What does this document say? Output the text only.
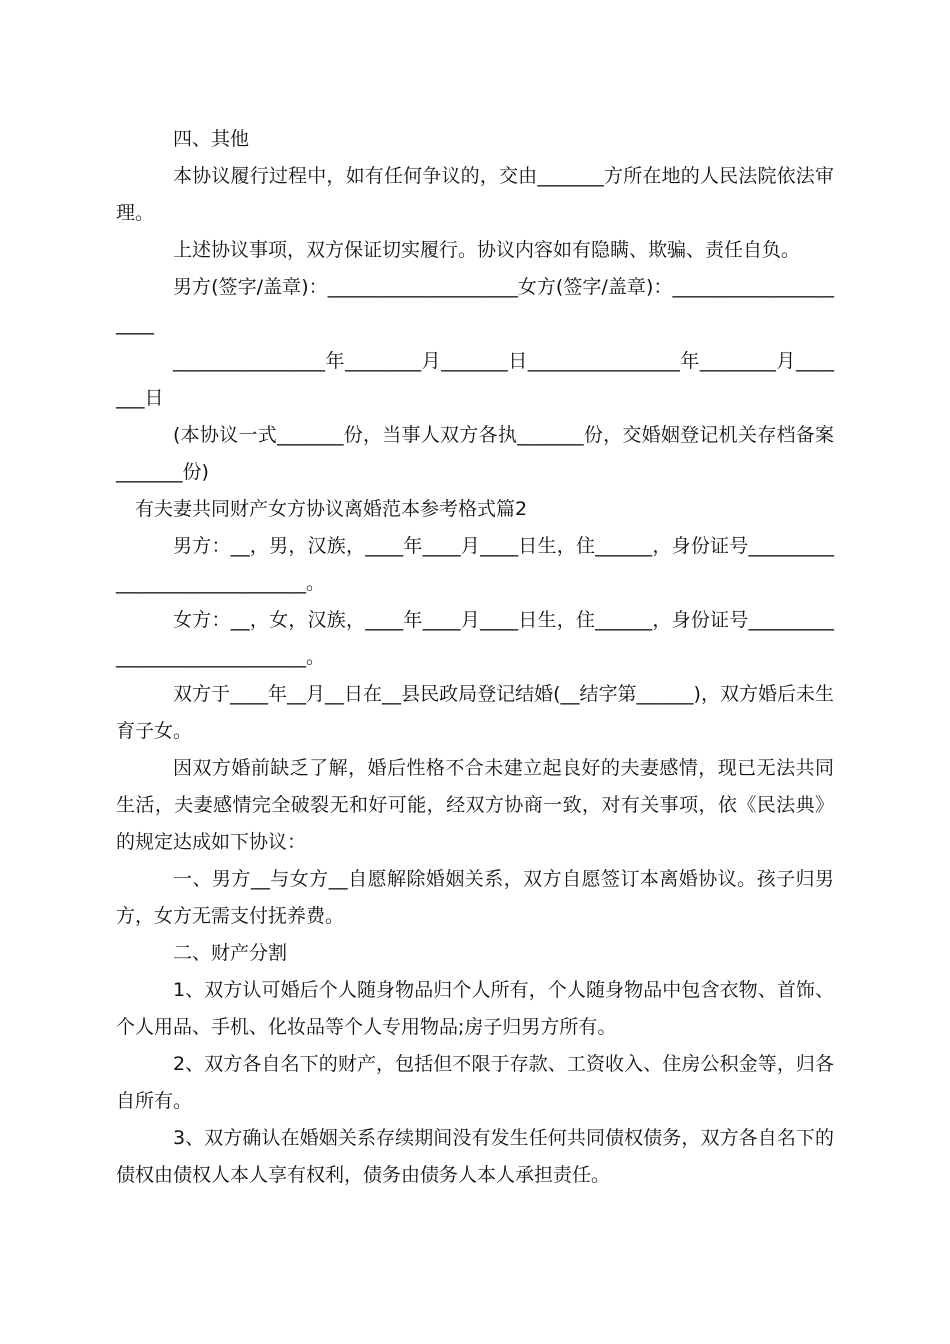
四、其他

本协议履行过程中，如有任何争议的，交由_______方所在地的人民法院依法审理。

上述协议事项，双方保证切实履行。协议内容如有隐瞒、欺骗、责任自负。

男方(签字/盖章)：____________________女方(签字/盖章)：_____________________

________________年________月_______日________________年________月_______日

(本协议一式_______份，当事人双方各执_______份，交婚姻登记机关存档备案_______份)

有夫妻共同财产女方协议离婚范本参考格式篇2

男方：__，男，汉族，____年____月____日生，住______，身份证号_____________________________。

女方：__，女，汉族，____年____月____日生，住______，身份证号_____________________________。

双方于____年__月__日在__县民政局登记结婚(__结字第______)，双方婚后未生育子女。

因双方婚前缺乏了解，婚后性格不合未建立起良好的夫妻感情，现已无法共同生活，夫妻感情完全破裂无和好可能，经双方协商一致，对有关事项，依《民法典》的规定达成如下协议：

一、男方__与女方__自愿解除婚姻关系，双方自愿签订本离婚协议。孩子归男方，女方无需支付抚养费。

二、财产分割

1、双方认可婚后个人随身物品归个人所有，个人随身物品中包含衣物、首饰、个人用品、手机、化妆品等个人专用物品;房子归男方所有。

2、双方各自名下的财产，包括但不限于存款、工资收入、住房公积金等，归各自所有。

3、双方确认在婚姻关系存续期间没有发生任何共同债权债务，双方各自名下的债权由债权人本人享有权利，债务由债务人本人承担责任。
